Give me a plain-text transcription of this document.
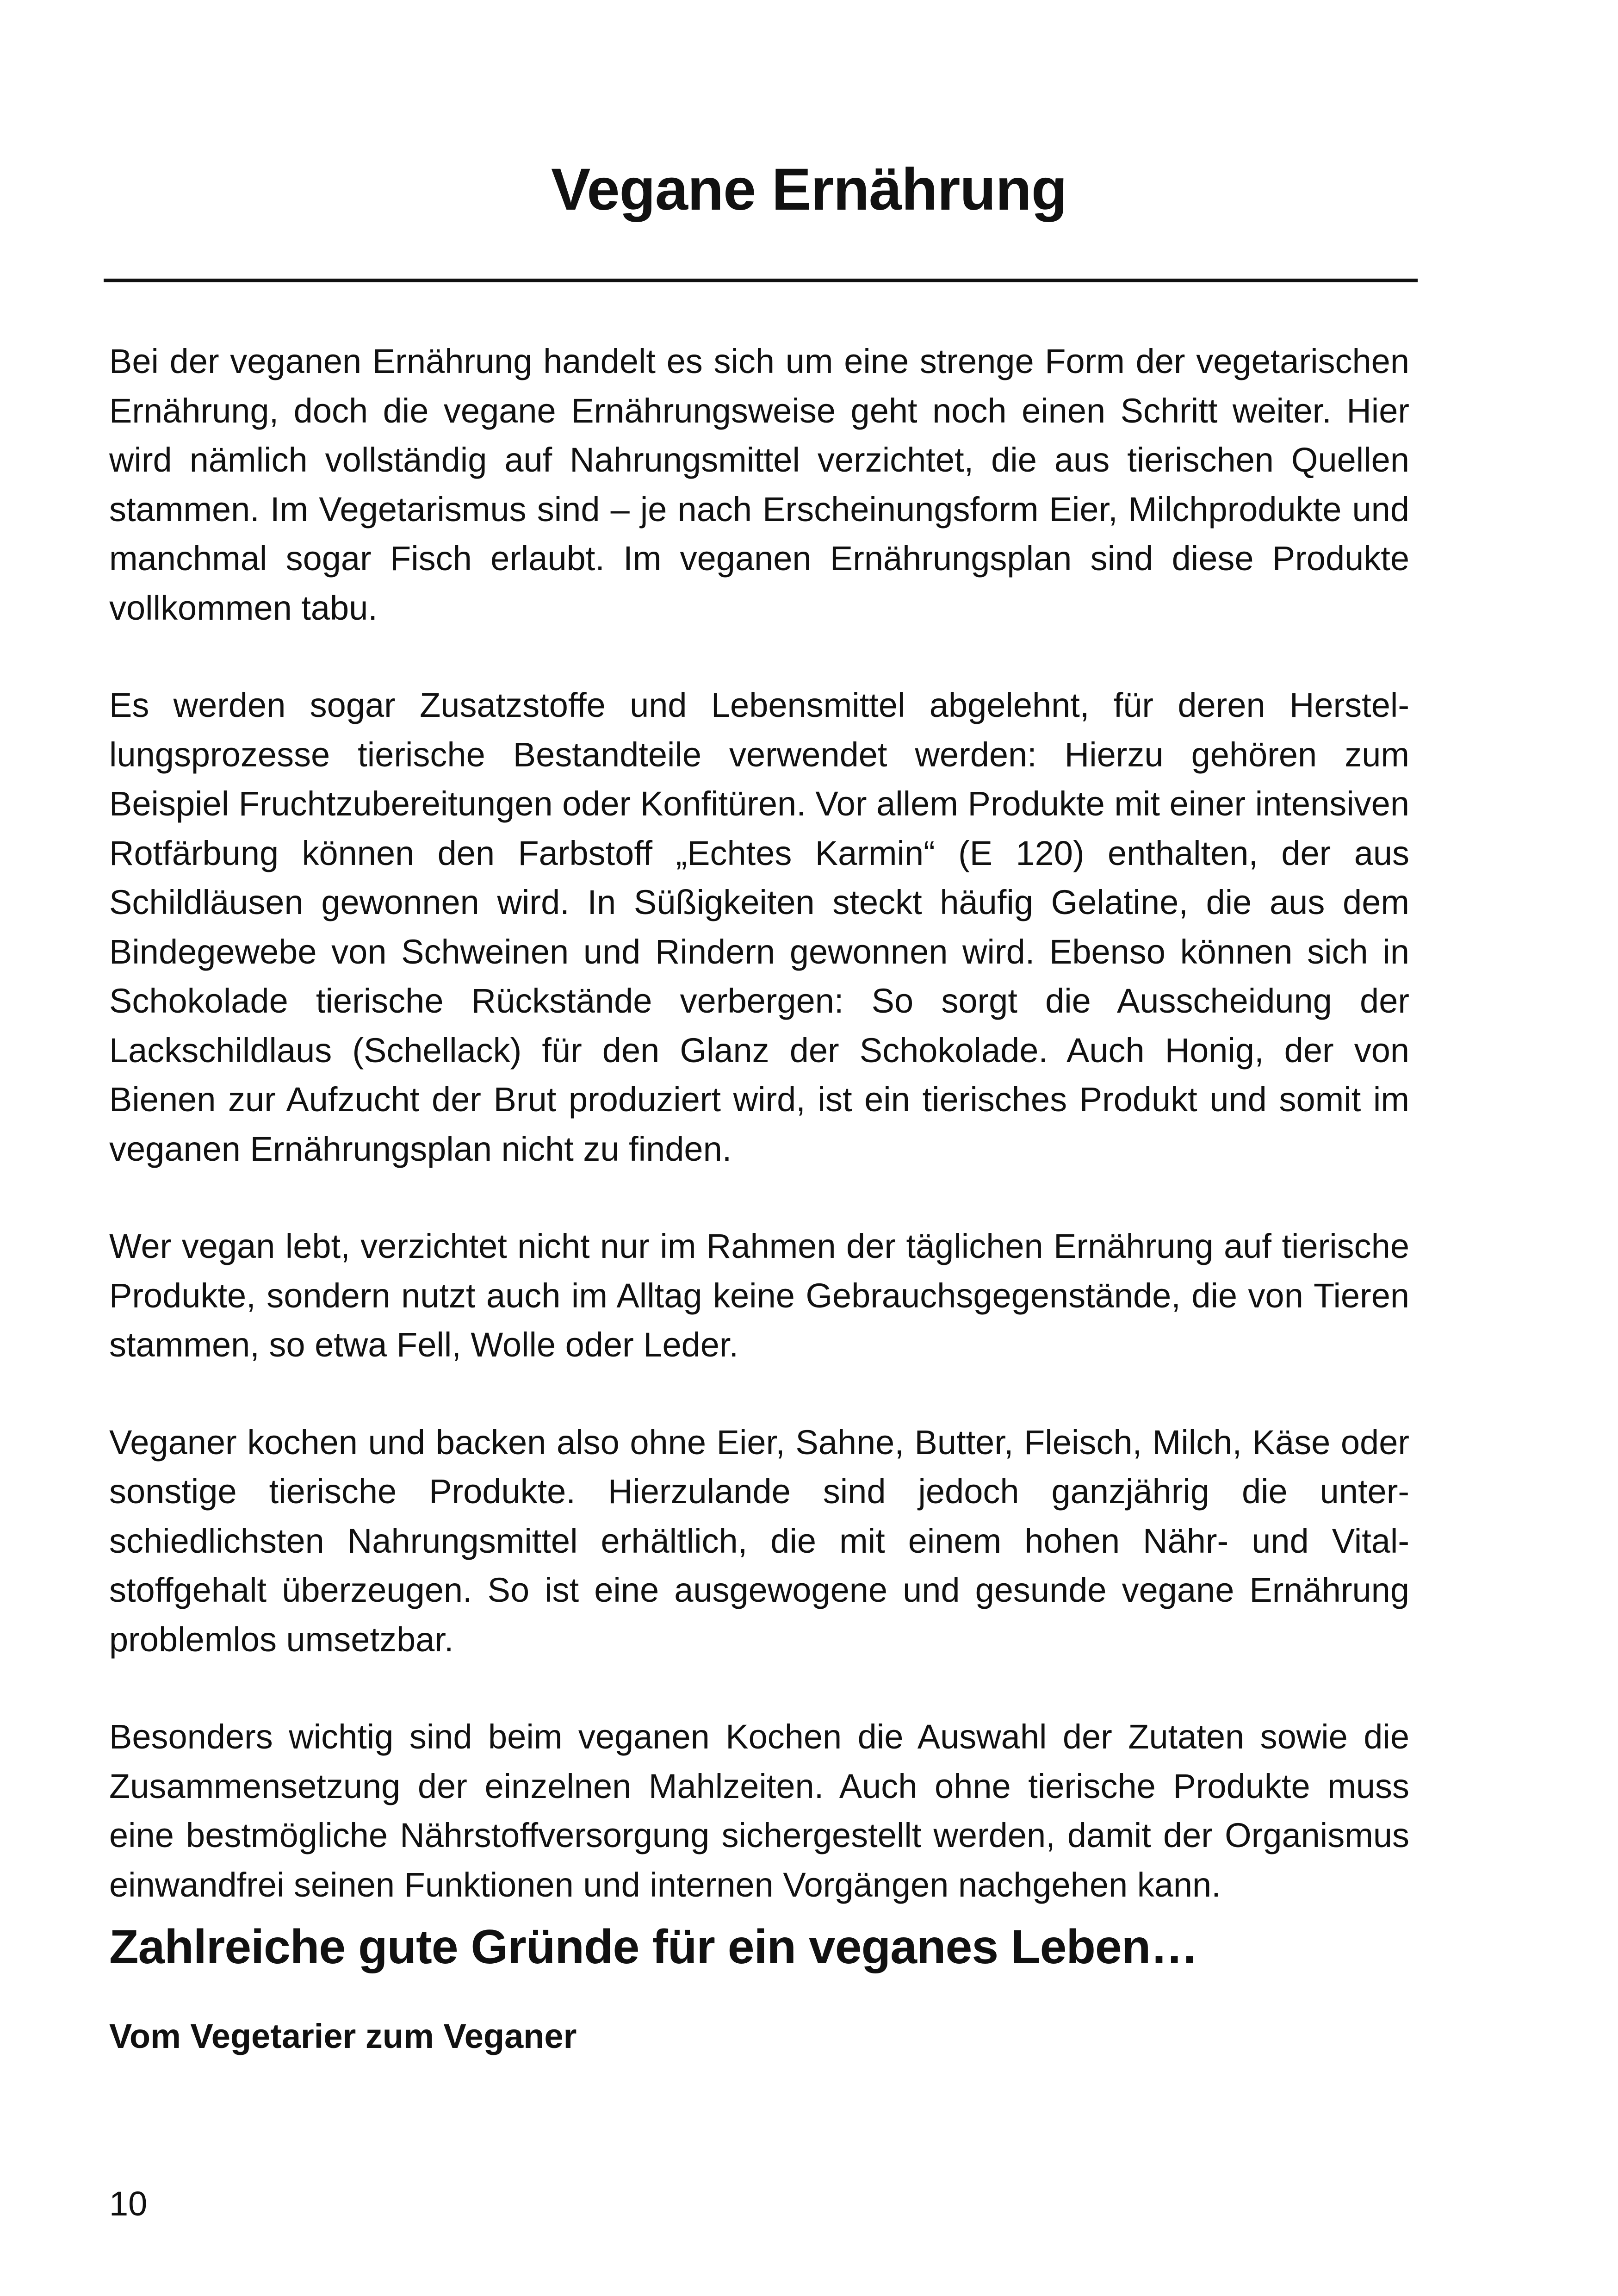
Vegane Ernährung

Bei der veganen Ernährung handelt es sich um eine strenge Form der vegetarischen Ernährung, doch die vegane Ernährungsweise geht noch einen Schritt weiter. Hier wird nämlich vollständig auf Nahrungsmittel verzichtet, die aus tierischen Quellen stammen. Im Vegetarismus sind – je nach Erscheinungsform Eier, Milchprodukte und manchmal sogar Fisch erlaubt. Im veganen Ernährungsplan sind diese Produkte vollkommen tabu.

Es werden sogar Zusatzstoffe und Lebensmittel abgelehnt, für deren Herstellungsprozesse tierische Bestandteile verwendet werden: Hierzu gehören zum Beispiel Fruchtzubereitungen oder Konfitüren. Vor allem Produkte mit einer intensiven Rotfärbung können den Farbstoff „Echtes Karmin“ (E 120) enthalten, der aus Schildläusen gewonnen wird. In Süßigkeiten steckt häufig Gelatine, die aus dem Bindegewebe von Schweinen und Rindern gewonnen wird. Ebenso können sich in Schokolade tierische Rückstände verbergen: So sorgt die Ausscheidung der Lackschildlaus (Schellack) für den Glanz der Schokolade. Auch Honig, der von Bienen zur Aufzucht der Brut produziert wird, ist ein tierisches Produkt und somit im veganen Ernährungsplan nicht zu finden.

Wer vegan lebt, verzichtet nicht nur im Rahmen der täglichen Ernährung auf tierische Produkte, sondern nutzt auch im Alltag keine Gebrauchsgegenstände, die von Tieren stammen, so etwa Fell, Wolle oder Leder.

Veganer kochen und backen also ohne Eier, Sahne, Butter, Fleisch, Milch, Käse oder sonstige tierische Produkte. Hierzulande sind jedoch ganzjährig die unterschiedlichsten Nahrungsmittel erhältlich, die mit einem hohen Nähr- und Vitalstoffgehalt überzeugen. So ist eine ausgewogene und gesunde vegane Ernährung problemlos umsetzbar.

Besonders wichtig sind beim veganen Kochen die Auswahl der Zutaten sowie die Zusammensetzung der einzelnen Mahlzeiten. Auch ohne tierische Produkte muss eine bestmögliche Nährstoffversorgung sichergestellt werden, damit der Organismus einwandfrei seinen Funktionen und internen Vorgängen nachgehen kann.

Zahlreiche gute Gründe für ein veganes Leben…
Vom Vegetarier zum Veganer
10
